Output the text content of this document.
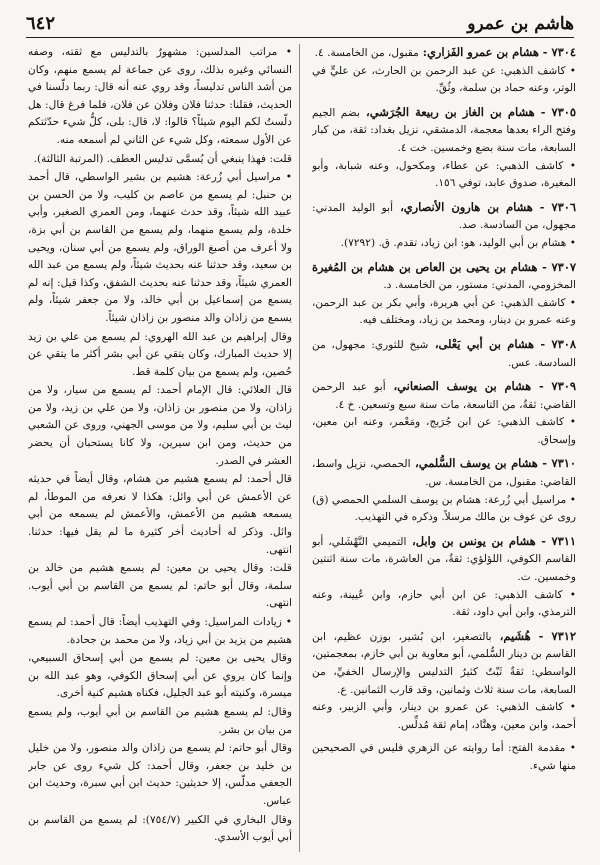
هاشم بن عمرو
٦٤٢
٧٣٠٤ - هشام بن عمرو الفَزاري: مقبول، من الخامسة. ٤.
• كاشف الذهبي: عن عبد الرحمن بن الحارث، عن عليٍّ في الوتر، وعنه حماد بن سلمة، وثُقِّ.
٧٣٠٥ - هشام بن الغاز بن ربيعة الجُرَشي، بضم الجيم وفتح الراء بعدها معجمة، الدمشقي، نزيل بغداد: ثقة، من كبار السابعة، مات سنة بضع وخمسين. خت ٤.
• كاشف الذهبي: عن عطاء، ومكحول، وعنه شبابة، وأبو المغيرة، صدوق عابد، توفي ١٥٦.
٧٣٠٦ - هشام بن هارون الأنصاري، أبو الوليد المدني: مجهول، من السادسة. صد.
• هشام بن أبي الوليد، هو: ابن زياد، تقدم. ق. (٧٢٩٢).
٧٣٠٧ - هشام بن يحيى بن العاص بن هشام بن المُغيرة المخزومي، المدني: مستور، من الخامسة. د.
• كاشف الذهبي: عن أبي هريرة، وأبي بكر بن عبد الرحمن، وعنه عمرو بن دينار، ومحمد بن زياد، ومختلف فيه.
٧٣٠٨ - هشام بن أبي يَعْلى، شيخ للثوري: مجهول، من السادسة. عس.
٧٣٠٩ - هشام بن يوسف الصنعاني، أبو عبد الرحمن القاضي: ثقةٌ، من التاسعة، مات سنة سبع وتسعين. خ ٤.
• كاشف الذهبي: عن ابن جُرَيج، ومَعْمر، وعنه ابن معين، وإسحاق.
٧٣١٠ - هشام بن يوسف السُّلمي، الحمصي، نزيل واسط، القاضي: مقبول، من الخامسة. س.
• مراسيل أبي زُرعة: هشام بن يوسف السلمي الحمصي (ق) روى عن عوف بن مالك مرسلاً. وذكره في التهذيب.
٧٣١١ - هشام بن يونس بن وابل، التميمي النَّهْشَلي، أبو القاسم الكوفي، اللؤلؤي: ثقةٌ، من العاشرة، مات سنة اثنتين وخمسين. ت.
• كاشف الذهبي: عن ابن أبي حازم، وابن عُيينة، وعنه الترمذي، وابن أبي داود، ثقة.
٧٣١٢ - هُشَيم، بالتصغير، ابن بُشير، بوزن عظيم، ابن القاسم بن دينار السُّلمي، أبو معاوية بن أبي خازم، بمعجمتين، الواسطي: ثقةٌ ثَبْتٌ كثيرُ التدليس والإرسال الخفيِّ، من السابعة، مات سنة ثلاث وثمانين، وقد قارب الثمانين. ع.
• كاشف الذهبي: عن عمرو بن دينار، وأبي الزبير، وعنه أحمد، وابن معين، وهنَّاد، إمام ثقة مُدلِّس.
• مقدمة الفتح: أما روايته عن الزهري فليس في الصحيحين منها شيء.
• مراتب المدلسين: مشهورٌ بالتدليس مع ثقته، وصفه النسائي وغيره بذلك، روى عن جماعة لم يسمع منهم، وكان من أشد الناس تدليساً، وقد روي عنه أنه قال: ربما دلّسنا في الحديث، فقلنا: حدثنا فلان وفلان عن فلان، فلما فرغ قال: هل دلّستُ لكم اليوم شيئاً؟ قالوا: لا، قال: بلى، كلُّ شيء حدّثتكم عن الأول سمعته، وكل شيء عن الثاني لم أسمعه منه.
قلت: فهذا ينبغي أن يُسمَّى تدليس العطف. (المرتبة الثالثة).
• مراسيل أبي زُرعة: هشيم بن بشير الواسطي، قال أحمد بن حنبل: لم يسمع من عاصم بن كليب، ولا من الحسن بن عبيد الله شيئاً، وقد حدث عنهما، ومن العمري الصغير، وأبي خلدة، ولم يسمع منهما، ولم يسمع من القاسم بن أبي بزة، ولا أعرف من أصبغ الوراق، ولم يسمع من أبي سنان، ويحيى بن سعيد، وقد حدثنا عنه بحديث شيئاً، ولم يسمع من عبد الله العمري شيئاً، وقد حدثنا عنه بحديث الشفق، وكذا قيل: إنه لم يسمع من إسماعيل بن أبي خالد، ولا من جعفر شيئاً، ولم يسمع من زاذان والد منصور بن زاذان شيئاً.
وقال إبراهيم بن عبد الله الهروي: لم يسمع من علي بن زيد إلا حديث المبارك، وكان يتقي عن أبي بشر أكثر ما يتقي عن حُصين، ولم يسمع من بيان كلمة قط.
قال العلائي: قال الإمام أحمد: لم يسمع من سيار، ولا من زاذان، ولا من منصور بن زاذان، ولا من علي بن زيد، ولا من ليث بن أبي سليم، ولا من موسى الجهني، وروى عن الشعبي من حديث، ومن ابن سيرين، ولا كانا يستحبان أن يحضر العشر في الصدر.
قال أحمد: لم يسمع هشيم من هشام، وقال أيضاً في حديثه عن الأعمش عن أبي وائل: هكذا لا نعرفه من الموطأ، لم يسمعه هشيم من الأعمش، والأعمش لم يسمعه من أبي وائل. وذكر له أحاديث أخر كثيرة ما لم يقل فيها: حدثنا. انتهى.
قلت: وقال يحيى بن معين: لم يسمع هشيم من خالد بن سلمة، وقال أبو حاتم: لم يسمع من القاسم بن أبي أيوب. انتهى.
• زيادات المراسيل: وفي التهذيب أيضاً: قال أحمد: لم يسمع هشيم من يزيد بن أبي زياد، ولا من محمد بن جحادة.
وقال يحيى بن معين: لم يسمع من أبي إسحاق السبيعي، وإنما كان يروي عن أبي إسحاق الكوفي، وهو عبد الله بن ميسرة، وكنيته أبو عبد الجليل، فكناه هشيم كنية أخرى.
وقال: لم يسمع هشيم من القاسم بن أبي أيوب، ولم يسمع من بيان بن بشر.
وقال أبو حاتم: لم يسمع من زاذان والد منصور، ولا من خليل بن خليد بن جعفر، وقال أحمد: كل شيء روى عن جابر الجعفي مدلّس، إلا حديثين: حديث ابن أبي سبرة، وحديث ابن عباس.
وقال البخاري في الكبير (٧٥٤/٧): لم يسمع من القاسم بن أبي أيوب الأسدي.
